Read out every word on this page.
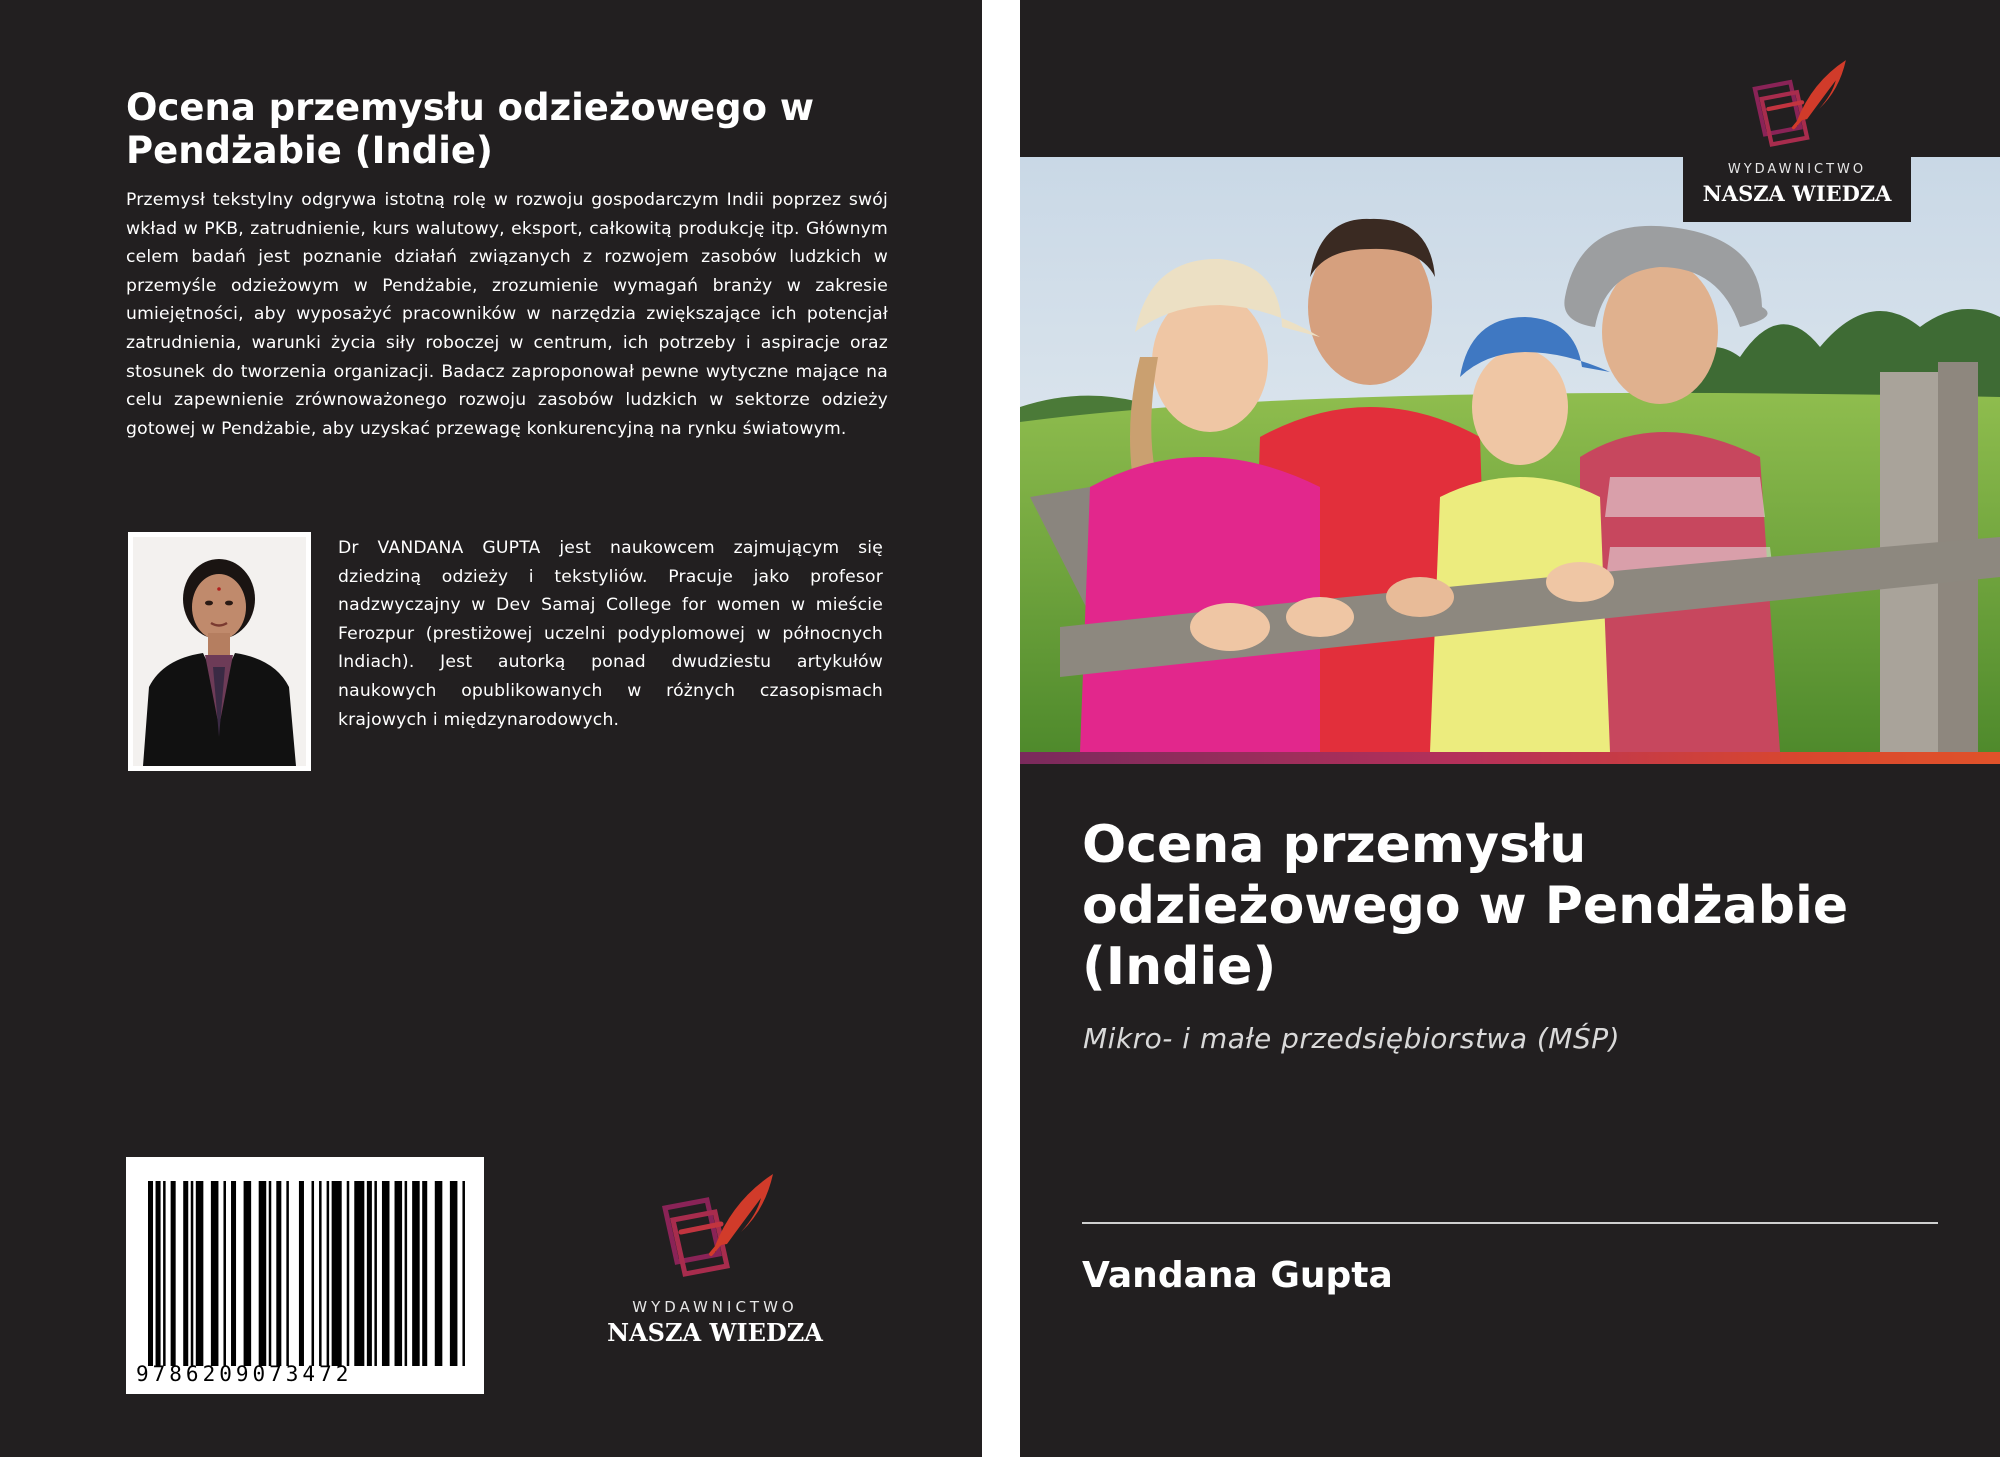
Ocena przemysłu odzieżowego w Pendżabie (Indie)
Przemysł tekstylny odgrywa istotną rolę w rozwoju gospodarczym Indii poprzez swój wkład w PKB, zatrudnienie, kurs walutowy, eksport, całkowitą produkcję itp. Głównym celem badań jest poznanie działań związanych z rozwojem zasobów ludzkich w przemyśle odzieżowym w Pendżabie, zrozumienie wymagań branży w zakresie umiejętności, aby wyposażyć pracowników w narzędzia zwiększające ich potencjał zatrudnienia, warunki życia siły roboczej w centrum, ich potrzeby i aspiracje oraz stosunek do tworzenia organizacji. Badacz zaproponował pewne wytyczne mające na celu zapewnienie zrównoważonego rozwoju zasobów ludzkich w sektorze odzieży gotowej w Pendżabie, aby uzyskać przewagę konkurencyjną na rynku światowym.
Dr VANDANA GUPTA jest naukowcem zajmującym się dziedziną odzieży i tekstyliów. Pracuje jako profesor nadzwyczajny w Dev Samaj College for women w mieście Ferozpur (prestiżowej uczelni podyplomowej w północnych Indiach). Jest autorką ponad dwudziestu artykułów naukowych opublikowanych w różnych czasopismach krajowych i międzynarodowych.
9786209073472
WYDAWNICTWO
NASZA WIEDZA
WYDAWNICTWO
NASZA WIEDZA
Ocena przemysłu odzieżowego w Pendżabie (Indie)
Mikro- i małe przedsiębiorstwa (MŚP)
Vandana Gupta
